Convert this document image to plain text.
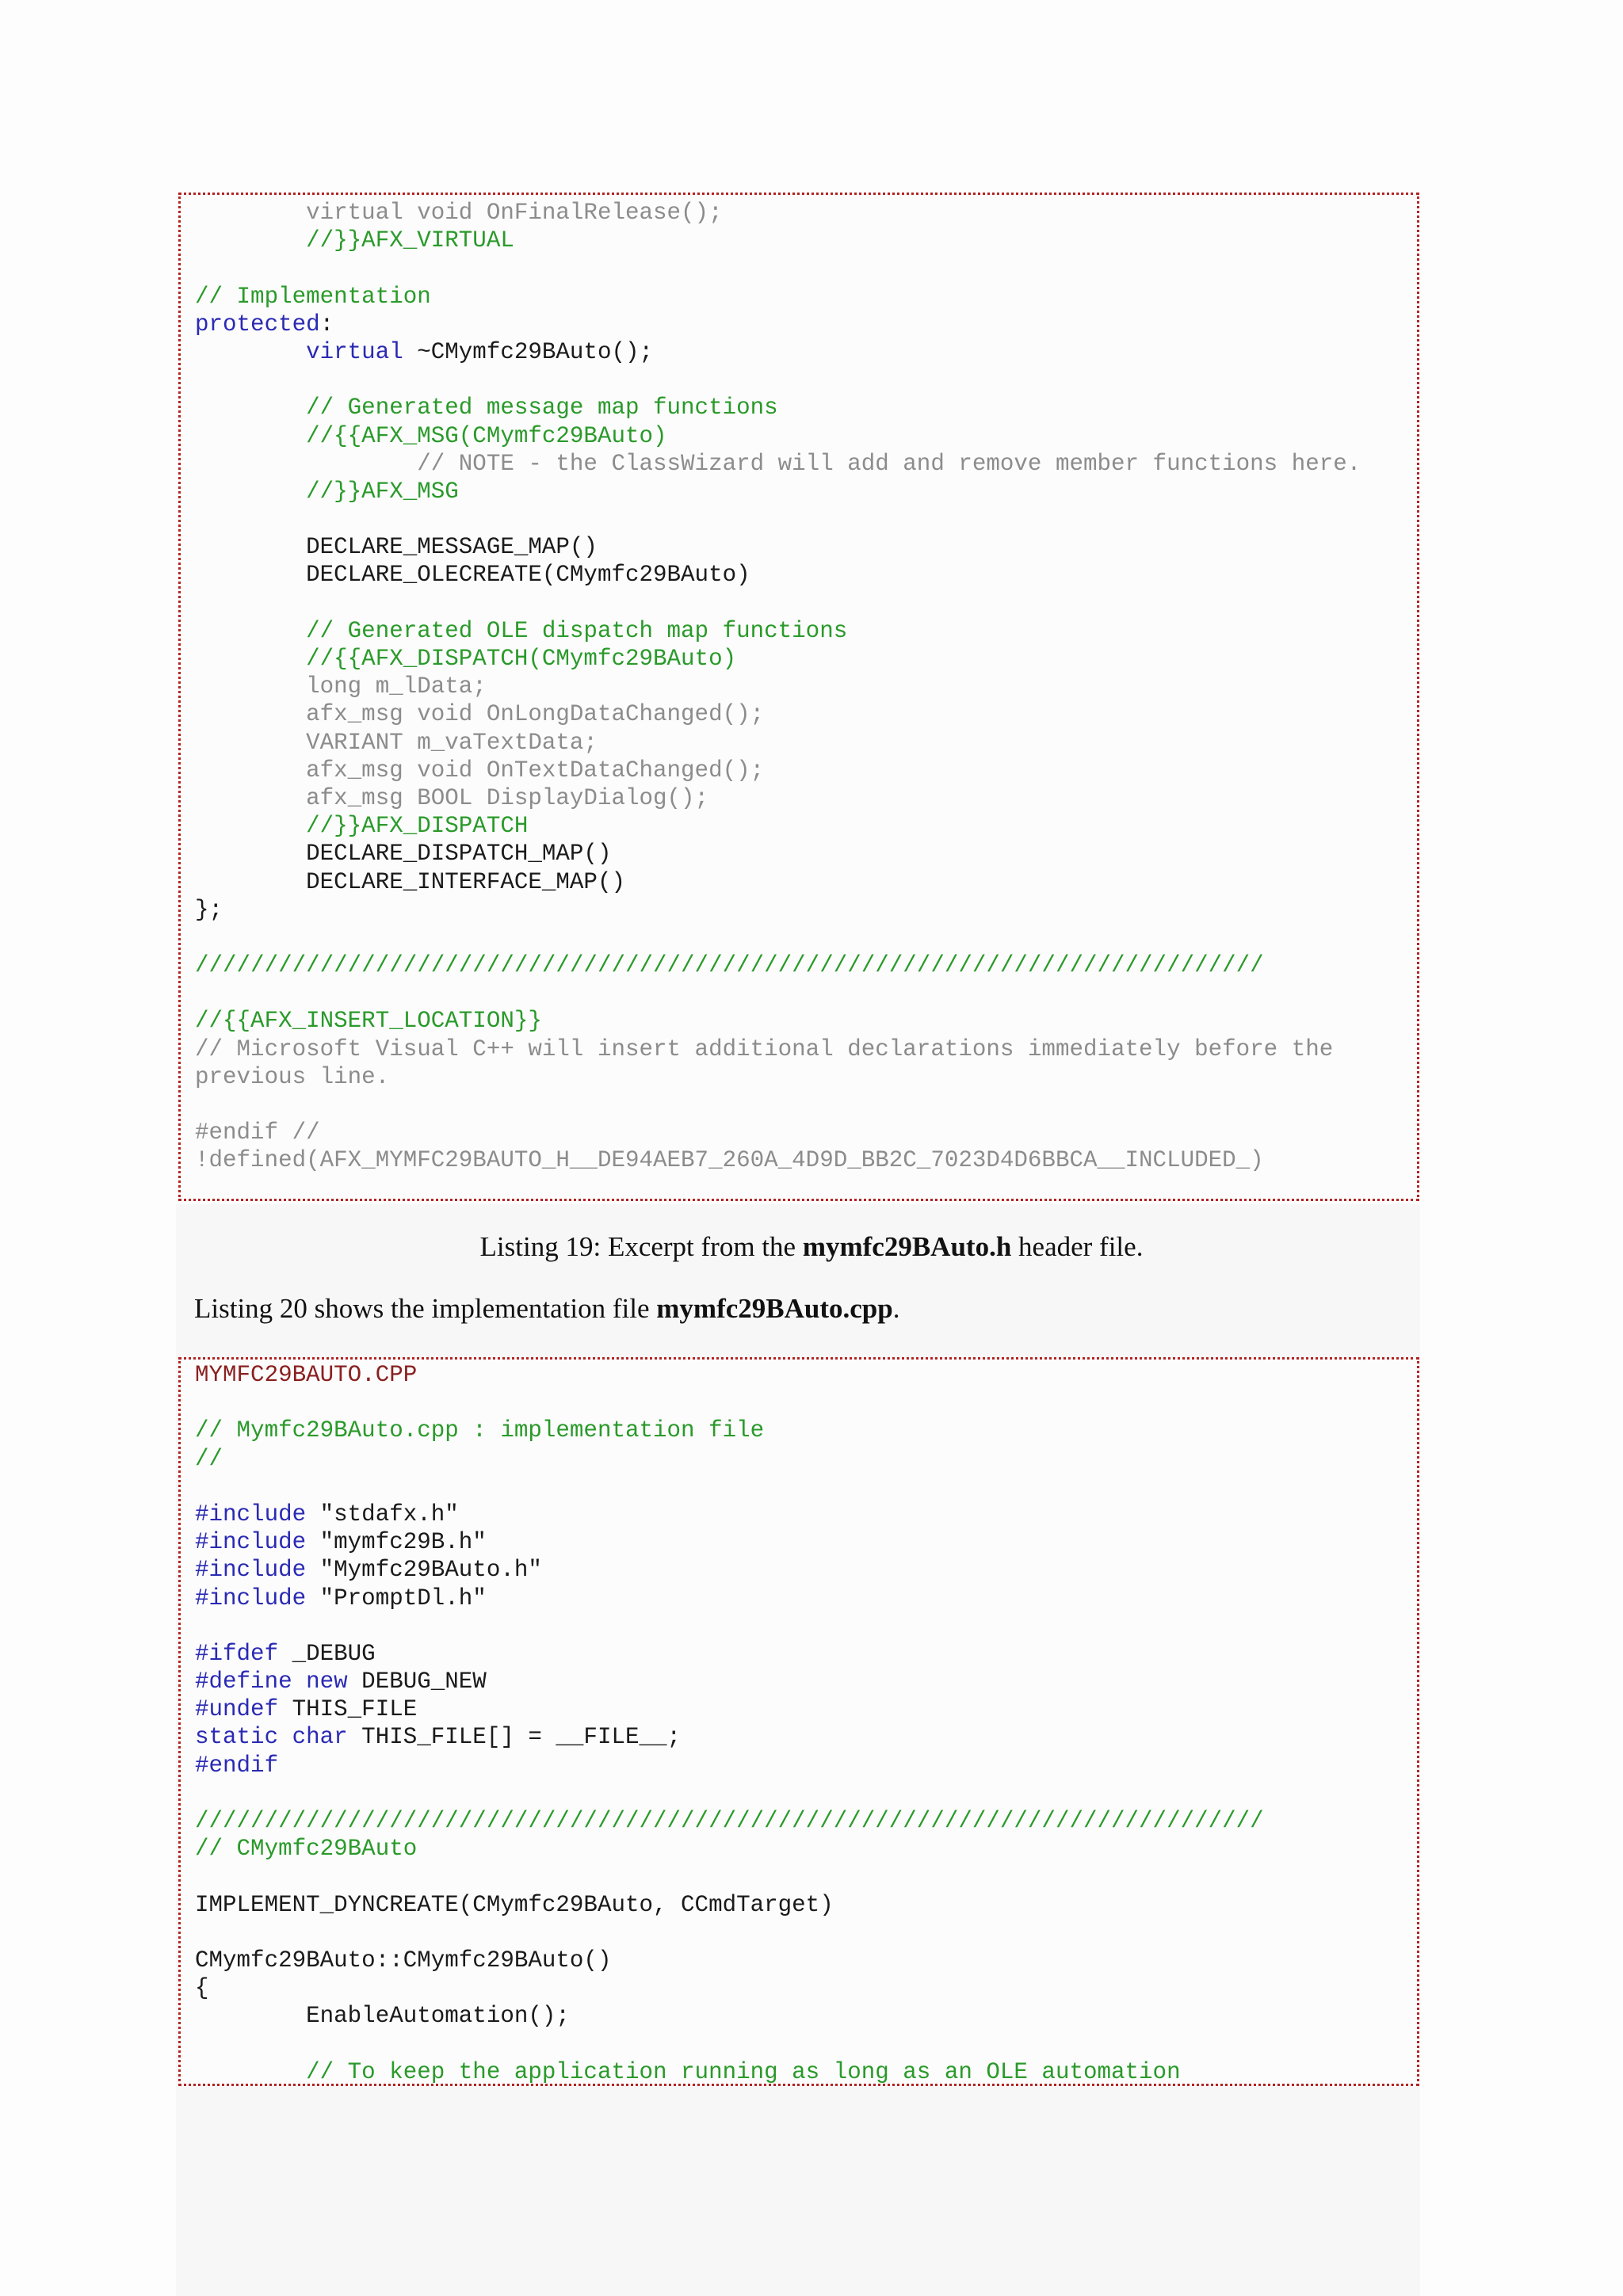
virtual void OnFinalRelease();
//}}AFX_VIRTUAL
// Implementation
protected:
virtual ~CMymfc29BAuto();
// Generated message map functions
//{{AFX_MSG(CMymfc29BAuto)
// NOTE - the ClassWizard will add and remove member functions here.
//}}AFX_MSG
DECLARE_MESSAGE_MAP()
DECLARE_OLECREATE(CMymfc29BAuto)
// Generated OLE dispatch map functions
//{{AFX_DISPATCH(CMymfc29BAuto)
long m_lData;
afx_msg void OnLongDataChanged();
VARIANT m_vaTextData;
afx_msg void OnTextDataChanged();
afx_msg BOOL DisplayDialog();
//}}AFX_DISPATCH
DECLARE_DISPATCH_MAP()
DECLARE_INTERFACE_MAP()
};
/////////////////////////////////////////////////////////////////////////////
//{{AFX_INSERT_LOCATION}}
// Microsoft Visual C++ will insert additional declarations immediately before the
previous line.
#endif //
!defined(AFX_MYMFC29BAUTO_H__DE94AEB7_260A_4D9D_BB2C_7023D4D6BBCA__INCLUDED_)
Listing 19: Excerpt from the mymfc29BAuto.h header file.
Listing 20 shows the implementation file mymfc29BAuto.cpp.
MYMFC29BAUTO.CPP
// Mymfc29BAuto.cpp : implementation file
//
#include "stdafx.h"
#include "mymfc29B.h"
#include "Mymfc29BAuto.h"
#include "PromptDl.h"
#ifdef _DEBUG
#define new DEBUG_NEW
#undef THIS_FILE
static char THIS_FILE[] = __FILE__;
#endif
/////////////////////////////////////////////////////////////////////////////
// CMymfc29BAuto
IMPLEMENT_DYNCREATE(CMymfc29BAuto, CCmdTarget)
CMymfc29BAuto::CMymfc29BAuto()
{
EnableAutomation();
// To keep the application running as long as an OLE automation
